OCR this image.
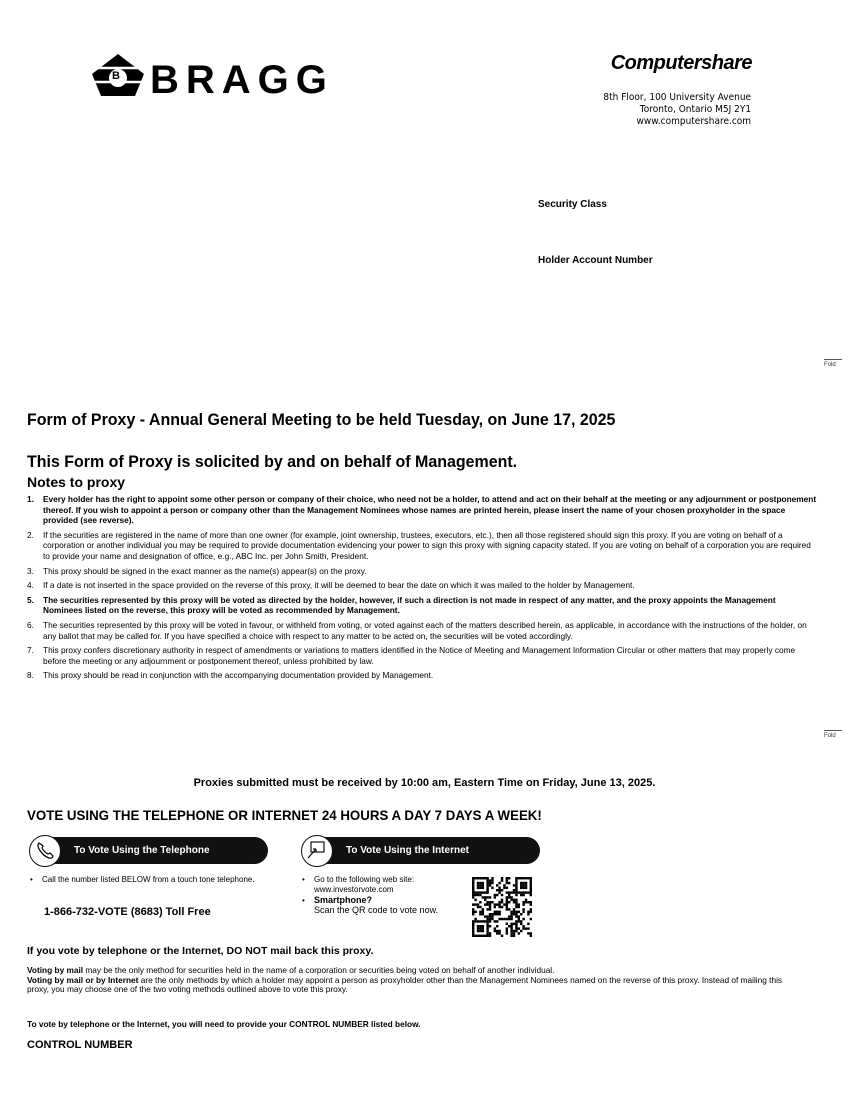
B BRAGG	Computershare
8th Floor, 100 University Avenue
Toronto, Ontario M5J 2Y1
www.computershare.com
Security Class
Holder Account Number
Fold
Fold
Form of Proxy - Annual General Meeting to be held Tuesday, on June 17, 2025
This Form of Proxy is solicited by and on behalf of Management.
Notes to proxy
1. Every holder has the right to appoint some other person or company of their choice, who need not be a holder, to attend and act on their behalf at the meeting or any adjournment or postponement thereof. If you wish to appoint a person or company other than the Management Nominees whose names are printed herein, please insert the name of your chosen proxyholder in the space provided (see reverse).
2. If the securities are registered in the name of more than one owner (for example, joint ownership, trustees, executors, etc.), then all those registered should sign this proxy. If you are voting on behalf of a corporation or another individual you may be required to provide documentation evidencing your power to sign this proxy with signing capacity stated. If you are voting on behalf of a corporation you are required to provide your name and designation of office, e.g., ABC Inc. per John Smith, President.
3. This proxy should be signed in the exact manner as the name(s) appear(s) on the proxy.
4. If a date is not inserted in the space provided on the reverse of this proxy, it will be deemed to bear the date on which it was mailed to the holder by Management.
5. The securities represented by this proxy will be voted as directed by the holder, however, if such a direction is not made in respect of any matter, and the proxy appoints the Management Nominees listed on the reverse, this proxy will be voted as recommended by Management.
6. The securities represented by this proxy will be voted in favour, or withheld from voting, or voted against each of the matters described herein, as applicable, in accordance with the instructions of the holder, on any ballot that may be called for. If you have specified a choice with respect to any matter to be acted on, the securities will be voted accordingly.
7. This proxy confers discretionary authority in respect of amendments or variations to matters identified in the Notice of Meeting and Management Information Circular or other matters that may properly come before the meeting or any adjournment or postponement thereof, unless prohibited by law.
8. This proxy should be read in conjunction with the accompanying documentation provided by Management.
Proxies submitted must be received by 10:00 am, Eastern Time on Friday, June 13, 2025.
VOTE USING THE TELEPHONE OR INTERNET 24 HOURS A DAY 7 DAYS A WEEK!
To Vote Using the Telephone
• Call the number listed BELOW from a touch tone telephone.
1-866-732-VOTE (8683) Toll Free
To Vote Using the Internet
• Go to the following web site: www.investorvote.com
• Smartphone?
Scan the QR code to vote now.
If you vote by telephone or the Internet, DO NOT mail back this proxy.
Voting by mail may be the only method for securities held in the name of a corporation or securities being voted on behalf of another individual.
Voting by mail or by Internet are the only methods by which a holder may appoint a person as proxyholder other than the Management Nominees named on the reverse of this proxy. Instead of mailing this proxy, you may choose one of the two voting methods outlined above to vote this proxy.
To vote by telephone or the Internet, you will need to provide your CONTROL NUMBER listed below.
CONTROL NUMBER
